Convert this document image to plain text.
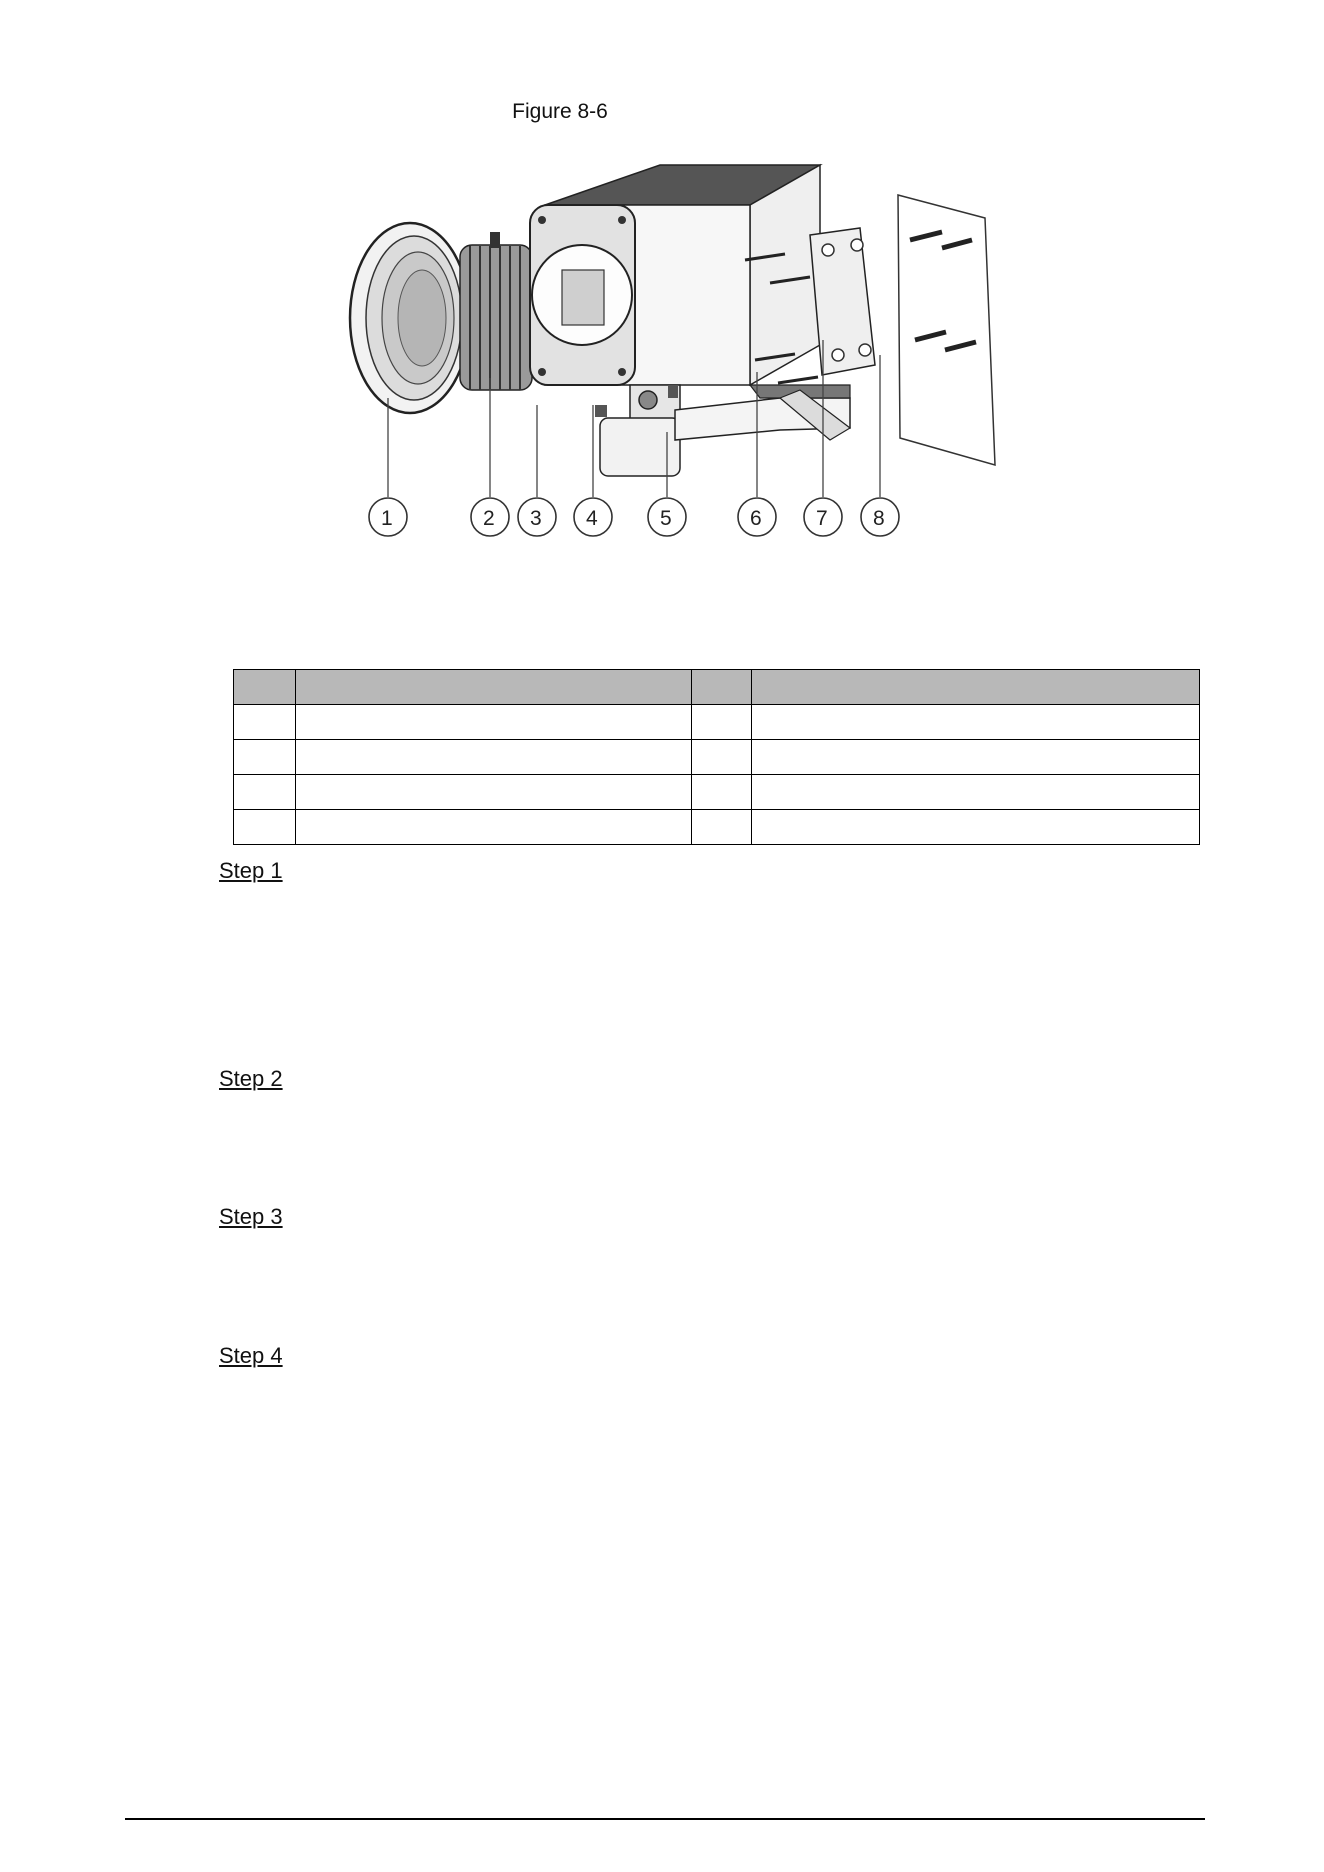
Figure 8-6
1	2 3 4	5	6	7 8

Step 1
Step 2
Step 3
Step 4
